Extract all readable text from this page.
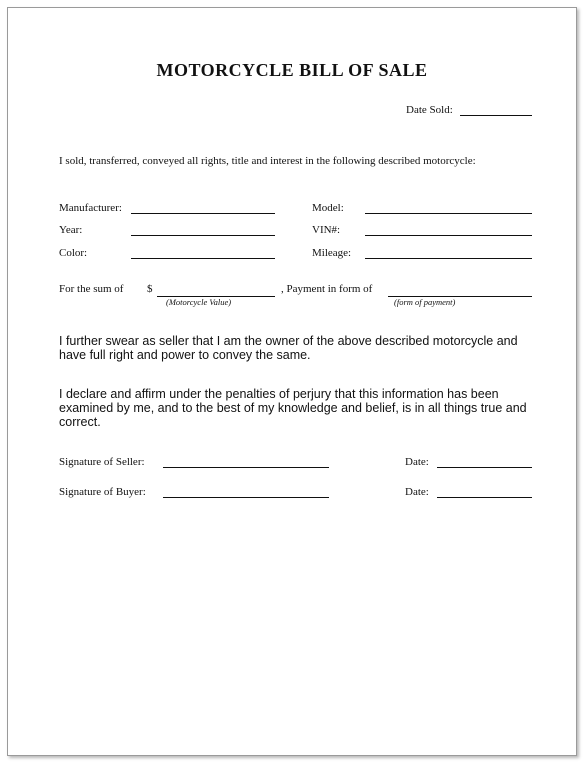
MOTORCYCLE BILL OF SALE
Date Sold:
I sold, transferred, conveyed all rights, title and interest in the following described motorcycle:
Manufacturer:	Model:
Year:	VIN#:
Color:	Mileage:
For the sum of $
(Motorcycle Value)
, Payment in form of
(form of payment)
I further swear as seller that I am the owner of the above described motorcycle and have full right and power to convey the same.
I declare and affirm under the penalties of perjury that this information has been examined by me, and to the best of my knowledge and belief, is in all things true and correct.
Signature of Seller:	Date:
Signature of Buyer:	Date:
